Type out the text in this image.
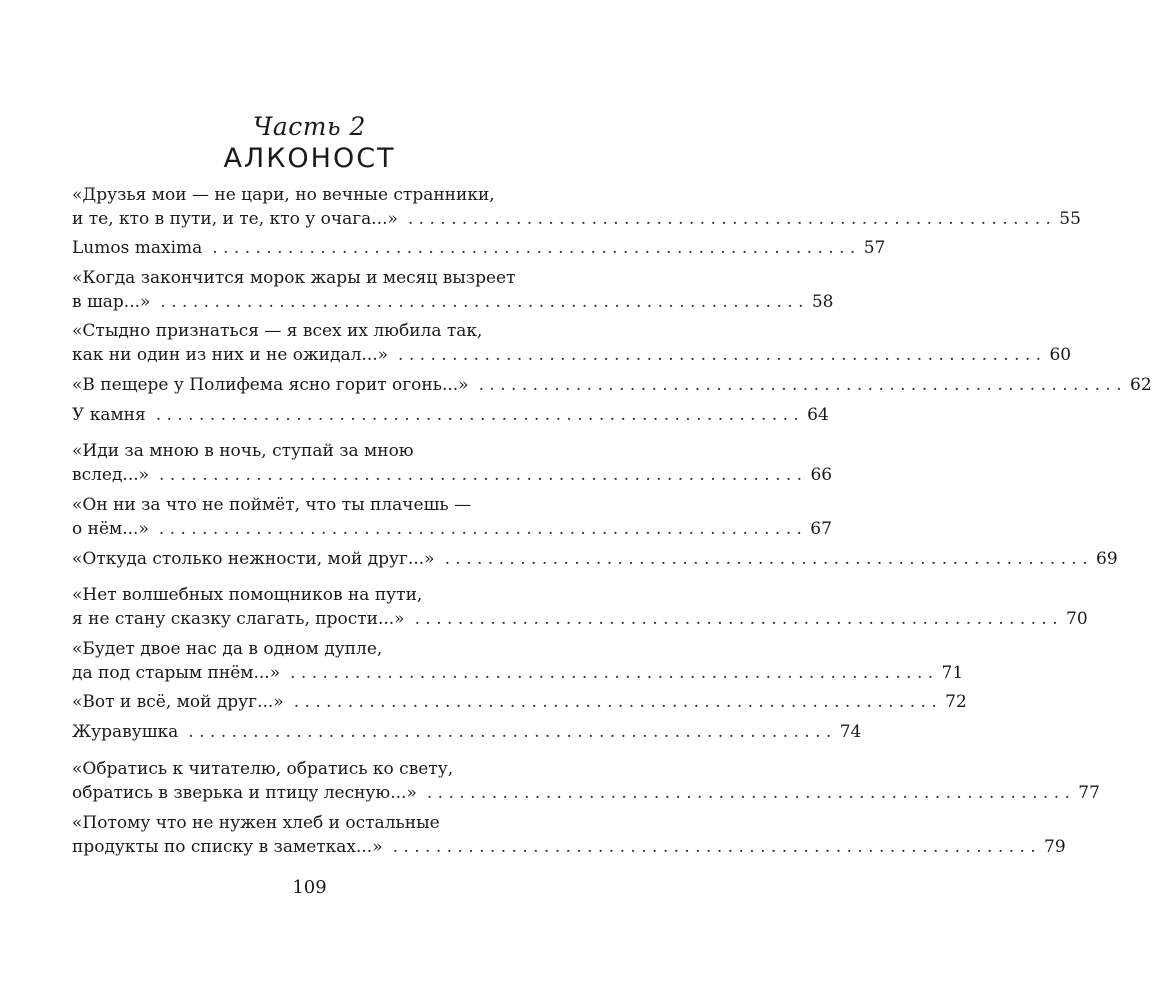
Часть 2
АЛКОНОСТ
«Друзья мои — не цари, но вечные странники,
и те, кто в пути, и те, кто у очага...» . . .	55
Lumos maxima . . .	57
«Когда закончится морок жары и месяц вызреет
в шар...» . . .	58
«Стыдно признаться — я всех их любила так,
как ни один из них и не ожидал...» . . .	60
«В пещере у Полифема ясно горит огонь...» . . .	62
У камня . . .	64
«Иди за мною в ночь, ступай за мною
вслед...» . . .	66
«Он ни за что не поймёт, что ты плачешь —
о нём...» . . .	67
«Откуда столько нежности, мой друг...» . . .	69
«Нет волшебных помощников на пути,
я не стану сказку слагать, прости...» . . .	70
«Будет двое нас да в одном дупле,
да под старым пнём...» . . .	71
«Вот и всё, мой друг...» . . .	72
Журавушка . . .	74
«Обратись к читателю, обратись ко свету,
обратись в зверька и птицу лесную...» . . .	77
«Потому что не нужен хлеб и остальные
продукты по списку в заметках...» . . .	79
109
